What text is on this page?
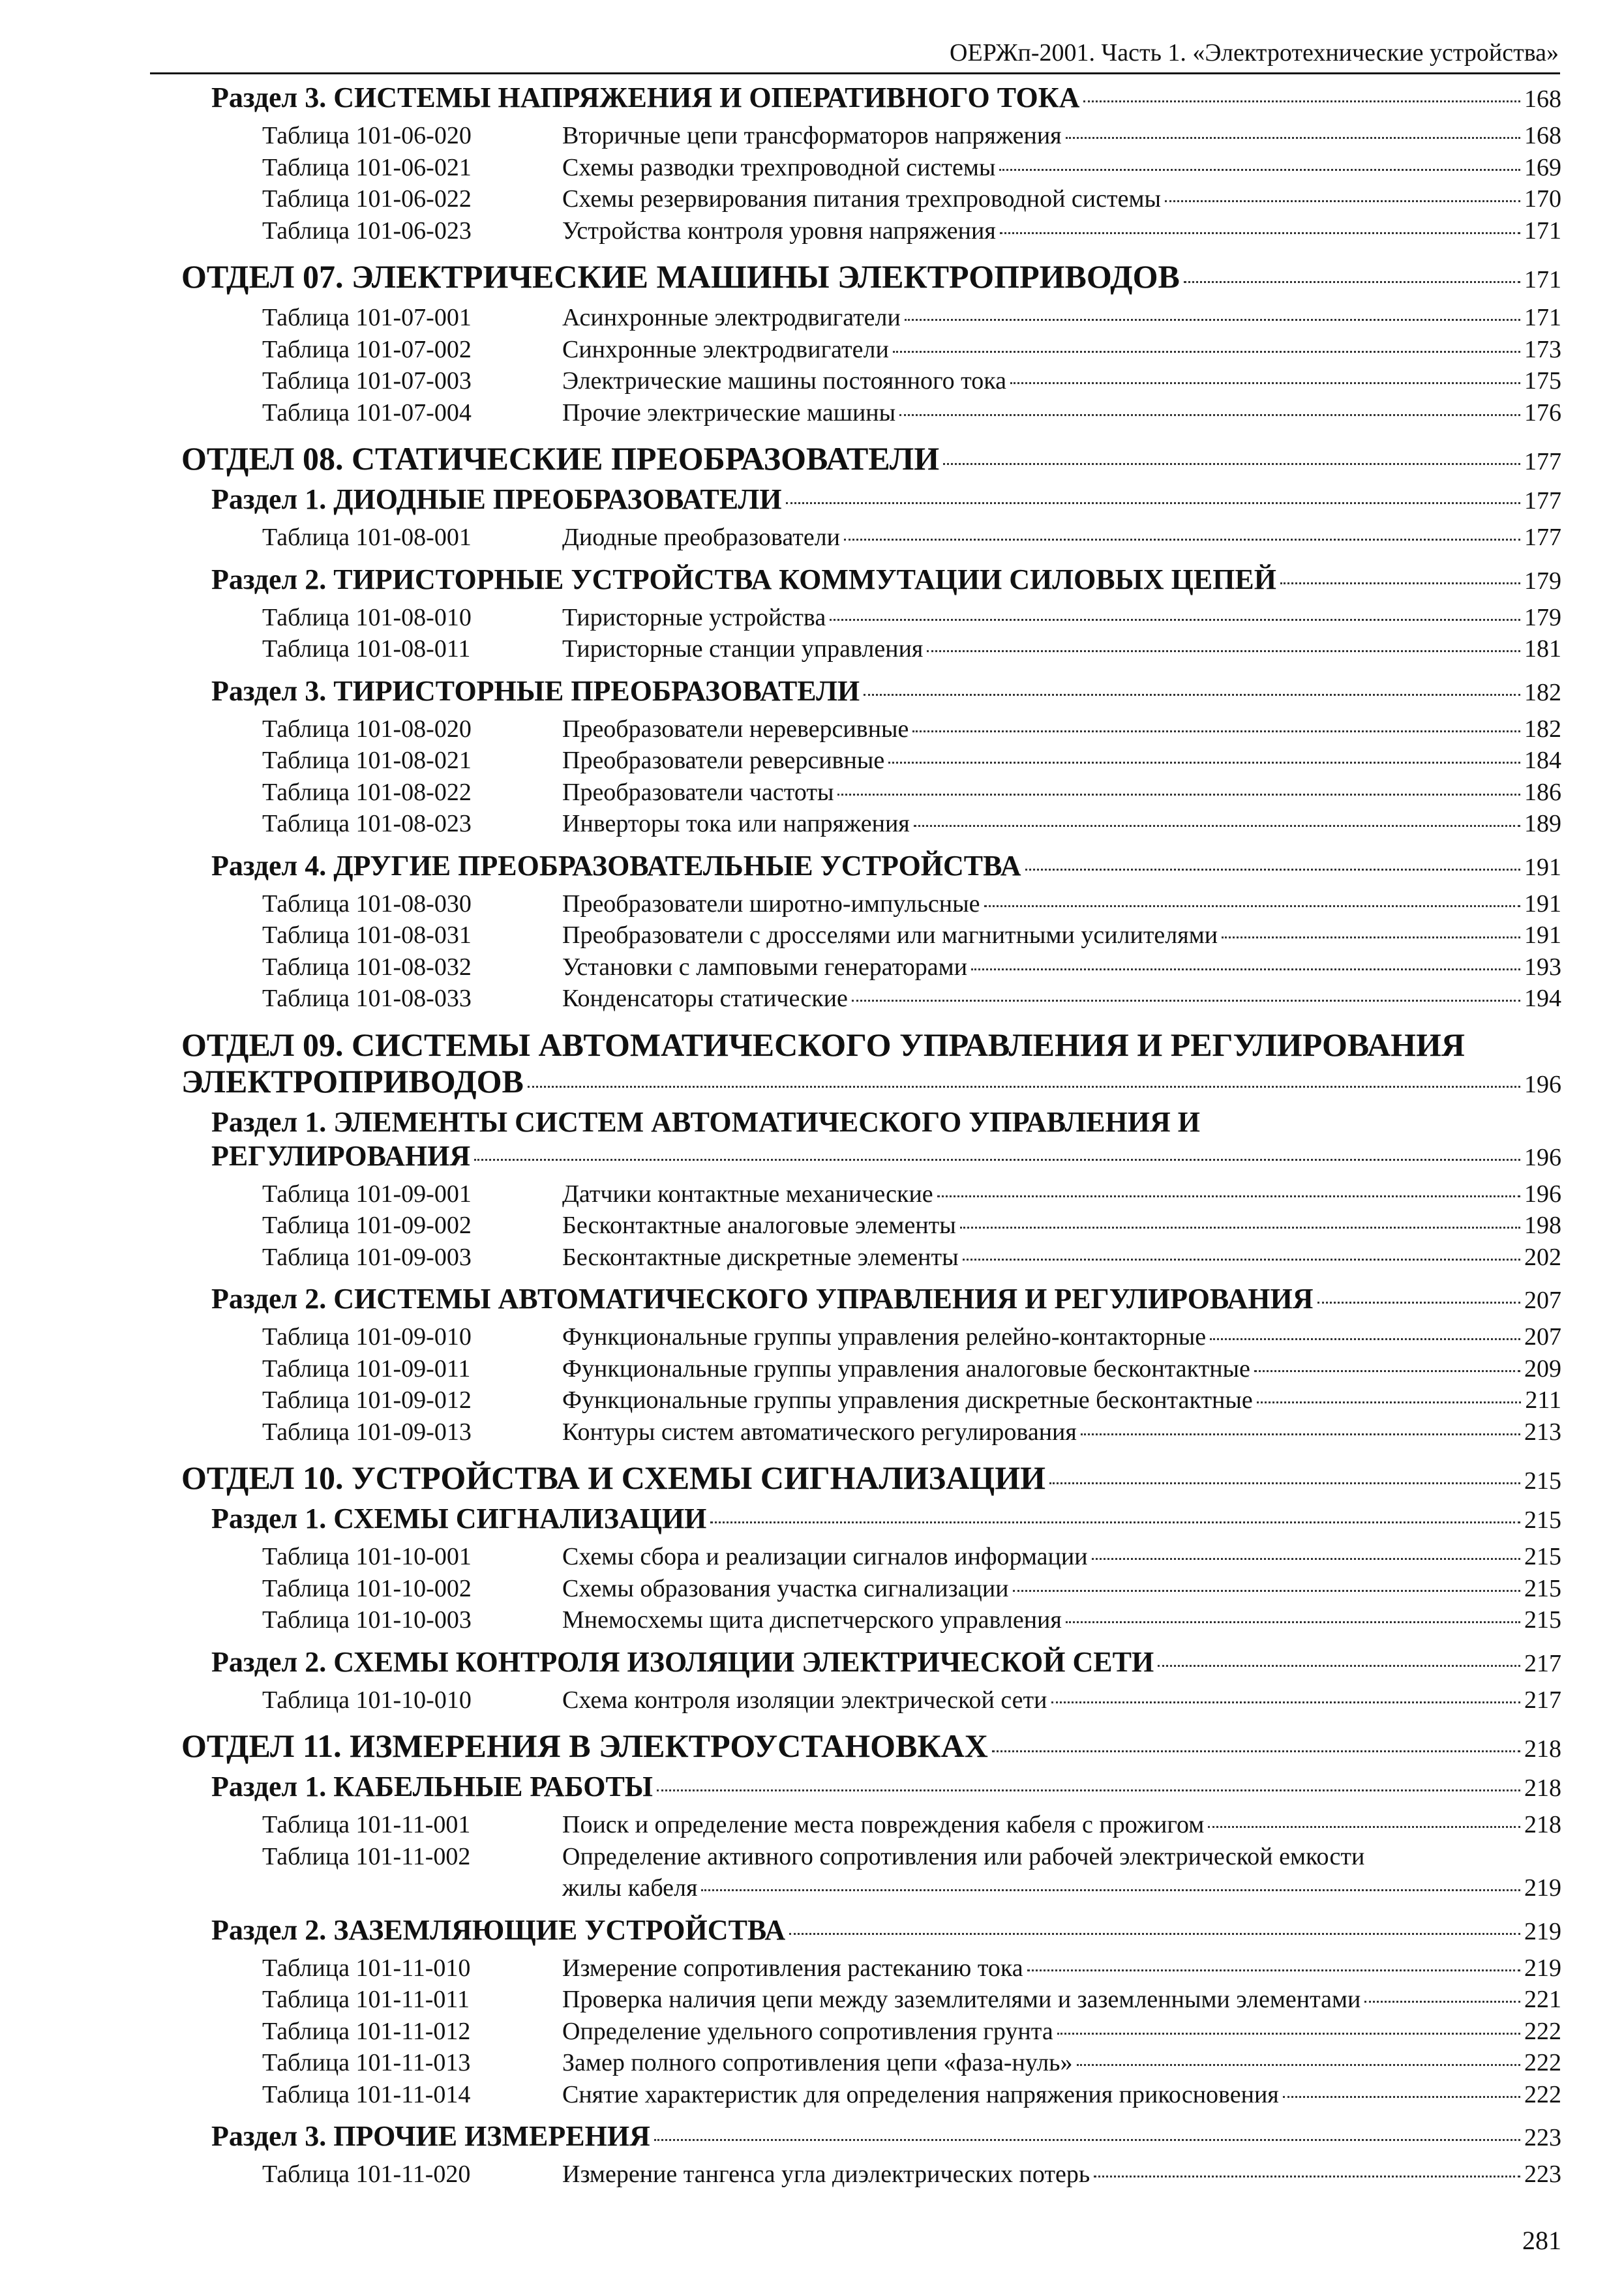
ОЕРЖп-2001. Часть 1. «Электротехнические устройства»
Раздел 3. СИСТЕМЫ НАПРЯЖЕНИЯ И ОПЕРАТИВНОГО ТОКА	168
Таблица 101-06-020	Вторичные цепи трансформаторов напряжения	168
Таблица 101-06-021	Схемы разводки трехпроводной системы	169
Таблица 101-06-022	Схемы резервирования питания трехпроводной системы	170
Таблица 101-06-023	Устройства контроля уровня напряжения	171
ОТДЕЛ 07. ЭЛЕКТРИЧЕСКИЕ МАШИНЫ ЭЛЕКТРОПРИВОДОВ	171
Таблица 101-07-001	Асинхронные электродвигатели	171
Таблица 101-07-002	Синхронные электродвигатели	173
Таблица 101-07-003	Электрические машины постоянного тока	175
Таблица 101-07-004	Прочие электрические машины	176
ОТДЕЛ 08. СТАТИЧЕСКИЕ ПРЕОБРАЗОВАТЕЛИ	177
Раздел 1. ДИОДНЫЕ ПРЕОБРАЗОВАТЕЛИ	177
Таблица 101-08-001	Диодные преобразователи	177
Раздел 2. ТИРИСТОРНЫЕ УСТРОЙСТВА КОММУТАЦИИ СИЛОВЫХ ЦЕПЕЙ	179
Таблица 101-08-010	Тиристорные устройства	179
Таблица 101-08-011	Тиристорные станции управления	181
Раздел 3. ТИРИСТОРНЫЕ ПРЕОБРАЗОВАТЕЛИ	182
Таблица 101-08-020	Преобразователи нереверсивные	182
Таблица 101-08-021	Преобразователи реверсивные	184
Таблица 101-08-022	Преобразователи частоты	186
Таблица 101-08-023	Инверторы тока или напряжения	189
Раздел 4. ДРУГИЕ ПРЕОБРАЗОВАТЕЛЬНЫЕ УСТРОЙСТВА	191
Таблица 101-08-030	Преобразователи широтно-импульсные	191
Таблица 101-08-031	Преобразователи с дросселями или магнитными усилителями	191
Таблица 101-08-032	Установки с ламповыми генераторами	193
Таблица 101-08-033	Конденсаторы статические	194
ОТДЕЛ 09. СИСТЕМЫ АВТОМАТИЧЕСКОГО УПРАВЛЕНИЯ И РЕГУЛИРОВАНИЯ
ЭЛЕКТРОПРИВОДОВ	196
Раздел 1. ЭЛЕМЕНТЫ СИСТЕМ АВТОМАТИЧЕСКОГО УПРАВЛЕНИЯ И
РЕГУЛИРОВАНИЯ	196
Таблица 101-09-001	Датчики контактные механические	196
Таблица 101-09-002	Бесконтактные аналоговые элементы	198
Таблица 101-09-003	Бесконтактные дискретные элементы	202
Раздел 2. СИСТЕМЫ АВТОМАТИЧЕСКОГО УПРАВЛЕНИЯ И РЕГУЛИРОВАНИЯ	207
Таблица 101-09-010	Функциональные группы управления релейно-контакторные	207
Таблица 101-09-011	Функциональные группы управления аналоговые бесконтактные	209
Таблица 101-09-012	Функциональные группы управления дискретные бесконтактные	211
Таблица 101-09-013	Контуры систем автоматического регулирования	213
ОТДЕЛ 10. УСТРОЙСТВА И СХЕМЫ СИГНАЛИЗАЦИИ	215
Раздел 1. СХЕМЫ СИГНАЛИЗАЦИИ	215
Таблица 101-10-001	Схемы сбора и реализации сигналов информации	215
Таблица 101-10-002	Схемы образования участка сигнализации	215
Таблица 101-10-003	Мнемосхемы щита диспетчерского управления	215
Раздел 2. СХЕМЫ КОНТРОЛЯ ИЗОЛЯЦИИ ЭЛЕКТРИЧЕСКОЙ СЕТИ	217
Таблица 101-10-010	Схема контроля изоляции электрической сети	217
ОТДЕЛ 11. ИЗМЕРЕНИЯ В ЭЛЕКТРОУСТАНОВКАХ	218
Раздел 1. КАБЕЛЬНЫЕ РАБОТЫ	218
Таблица 101-11-001	Поиск и определение места повреждения кабеля с прожигом	218
Таблица 101-11-002	Определение активного сопротивления или рабочей электрической емкости
жилы кабеля	219
Раздел 2. ЗАЗЕМЛЯЮЩИЕ УСТРОЙСТВА	219
Таблица 101-11-010	Измерение сопротивления растеканию тока	219
Таблица 101-11-011	Проверка наличия цепи между заземлителями и заземленными элементами	221
Таблица 101-11-012	Определение удельного сопротивления грунта	222
Таблица 101-11-013	Замер полного сопротивления цепи «фаза-нуль»	222
Таблица 101-11-014	Снятие характеристик для определения напряжения прикосновения	222
Раздел 3. ПРОЧИЕ ИЗМЕРЕНИЯ	223
Таблица 101-11-020	Измерение тангенса угла диэлектрических потерь	223
281
